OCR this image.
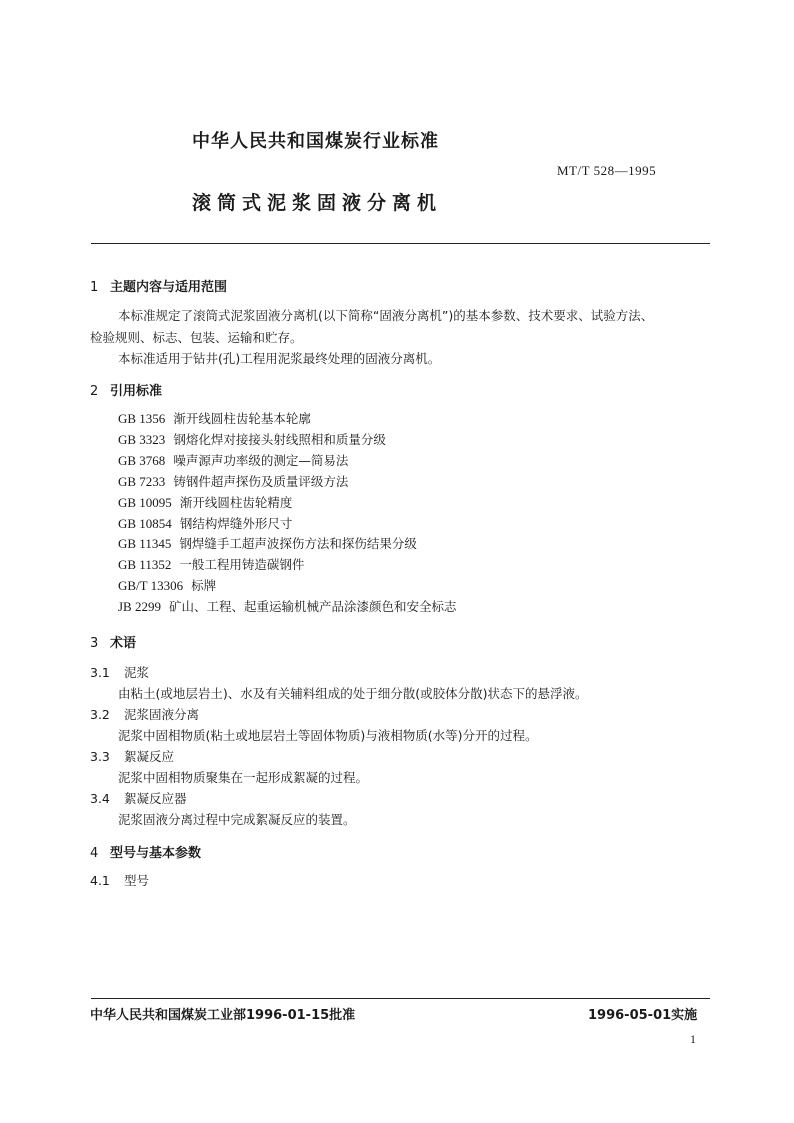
中华人民共和国煤炭行业标准
MT/T 528—1995
滚筒式泥浆固液分离机
1 主题内容与适用范围
本标准规定了滚筒式泥浆固液分离机(以下简称“固液分离机”)的基本参数、技术要求、试验方法、
检验规则、标志、包装、运输和贮存。
本标准适用于钻井(孔)工程用泥浆最终处理的固液分离机。
2 引用标准
GB 1356 渐开线圆柱齿轮基本轮廓
GB 3323 钢熔化焊对接接头射线照相和质量分级
GB 3768 噪声源声功率级的测定—简易法
GB 7233 铸钢件超声探伤及质量评级方法
GB 10095 渐开线圆柱齿轮精度
GB 10854 钢结构焊缝外形尺寸
GB 11345 钢焊缝手工超声波探伤方法和探伤结果分级
GB 11352 一般工程用铸造碳钢件
GB/T 13306 标牌
JB 2299 矿山、工程、起重运输机械产品涂漆颜色和安全标志
3 术语
3.1 泥浆
由粘土(或地层岩土)、水及有关辅料组成的处于细分散(或胶体分散)状态下的悬浮液。
3.2 泥浆固液分离
泥浆中固相物质(粘土或地层岩土等固体物质)与液相物质(水等)分开的过程。
3.3 絮凝反应
泥浆中固相物质聚集在一起形成絮凝的过程。
3.4 絮凝反应器
泥浆固液分离过程中完成絮凝反应的装置。
4 型号与基本参数
4.1 型号
中华人民共和国煤炭工业部1996-01-15批准	1996-05-01实施
1
